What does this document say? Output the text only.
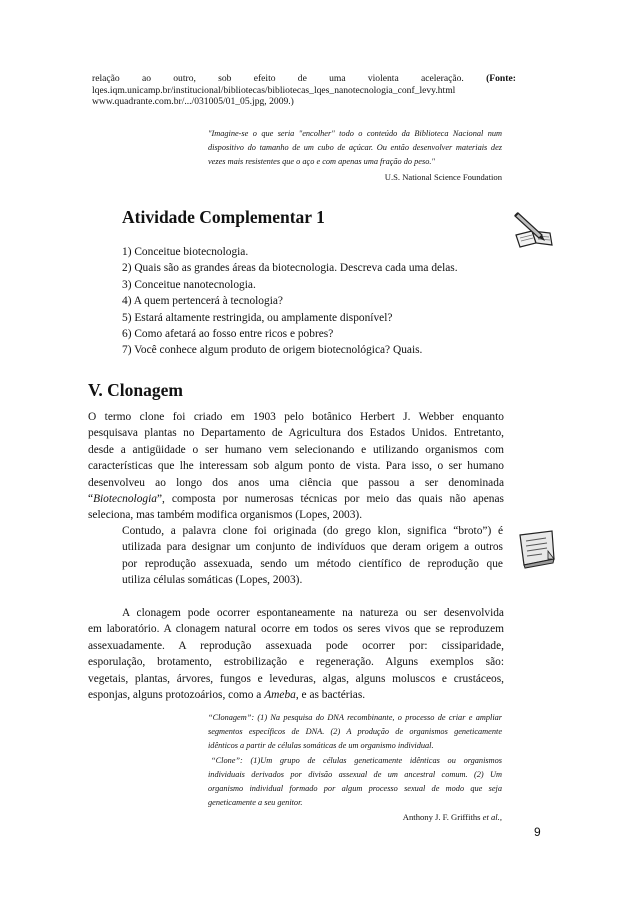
relação ao outro, sob efeito de uma violenta aceleração. (Fonte:
lqes.iqm.unicamp.br/institucional/bibliotecas/bibliotecas_lqes_nanotecnologia_conf_levy.html
www.quadrante.com.br/.../031005/01_05.jpg, 2009.)
"Imagine-se o que seria "encolher" todo o conteúdo da Biblioteca Nacional num
dispositivo do tamanho de um cubo de açúcar. Ou então desenvolver materiais dez
vezes mais resistentes que o aço e com apenas uma fração do peso."
U.S. National Science Foundation
Atividade Complementar 1
1) Conceitue biotecnologia.
2) Quais são as grandes áreas da biotecnologia. Descreva cada uma delas.
3) Conceitue nanotecnologia.
4) A quem pertencerá à tecnologia?
5) Estará altamente restringida, ou amplamente disponível?
6) Como afetará ao fosso entre ricos e pobres?
7) Você conhece algum produto de origem biotecnológica? Quais.
V. Clonagem
O termo clone foi criado em 1903 pelo botânico Herbert J. Webber enquanto
pesquisava plantas no Departamento de Agricultura dos Estados Unidos. Entretanto,
desde a antigüidade o ser humano vem selecionando e utilizando organismos com
características que lhe interessam sob algum ponto de vista. Para isso, o ser humano
desenvolveu ao longo dos anos uma ciência que passou a ser denominada
“Biotecnologia”, composta por numerosas técnicas por meio das quais não apenas
seleciona, mas também modifica organismos (Lopes, 2003).
Contudo, a palavra clone foi originada (do grego klon, significa “broto”) é
utilizada para designar um conjunto de indivíduos que deram origem a outros
por reprodução assexuada, sendo um método científico de reprodução que
utiliza células somáticas (Lopes, 2003).
A clonagem pode ocorrer espontaneamente na natureza ou ser desenvolvida
em laboratório. A clonagem natural ocorre em todos os seres vivos que se reproduzem
assexuadamente. A reprodução assexuada pode ocorrer por: cissiparidade,
esporulação, brotamento, estrobilização e regeneração. Alguns exemplos são:
vegetais, plantas, árvores, fungos e leveduras, algas, alguns moluscos e crustáceos,
esponjas, alguns protozoários, como a Ameba, e as bactérias.
“Clonagem”: (1) Na pesquisa do DNA recombinante, o processo de criar e ampliar
segmentos específicos de DNA. (2) A produção de organismos geneticamente
idênticos a partir de células somáticas de um organismo individual.
“Clone”: (1)Um grupo de células geneticamente idênticas ou organismos
individuais derivados por divisão assexual de um ancestral comum. (2) Um
organismo individual formado por algum processo sexual de modo que seja
geneticamente a seu genitor.
Anthony J. F. Griffiths et al.,
9
